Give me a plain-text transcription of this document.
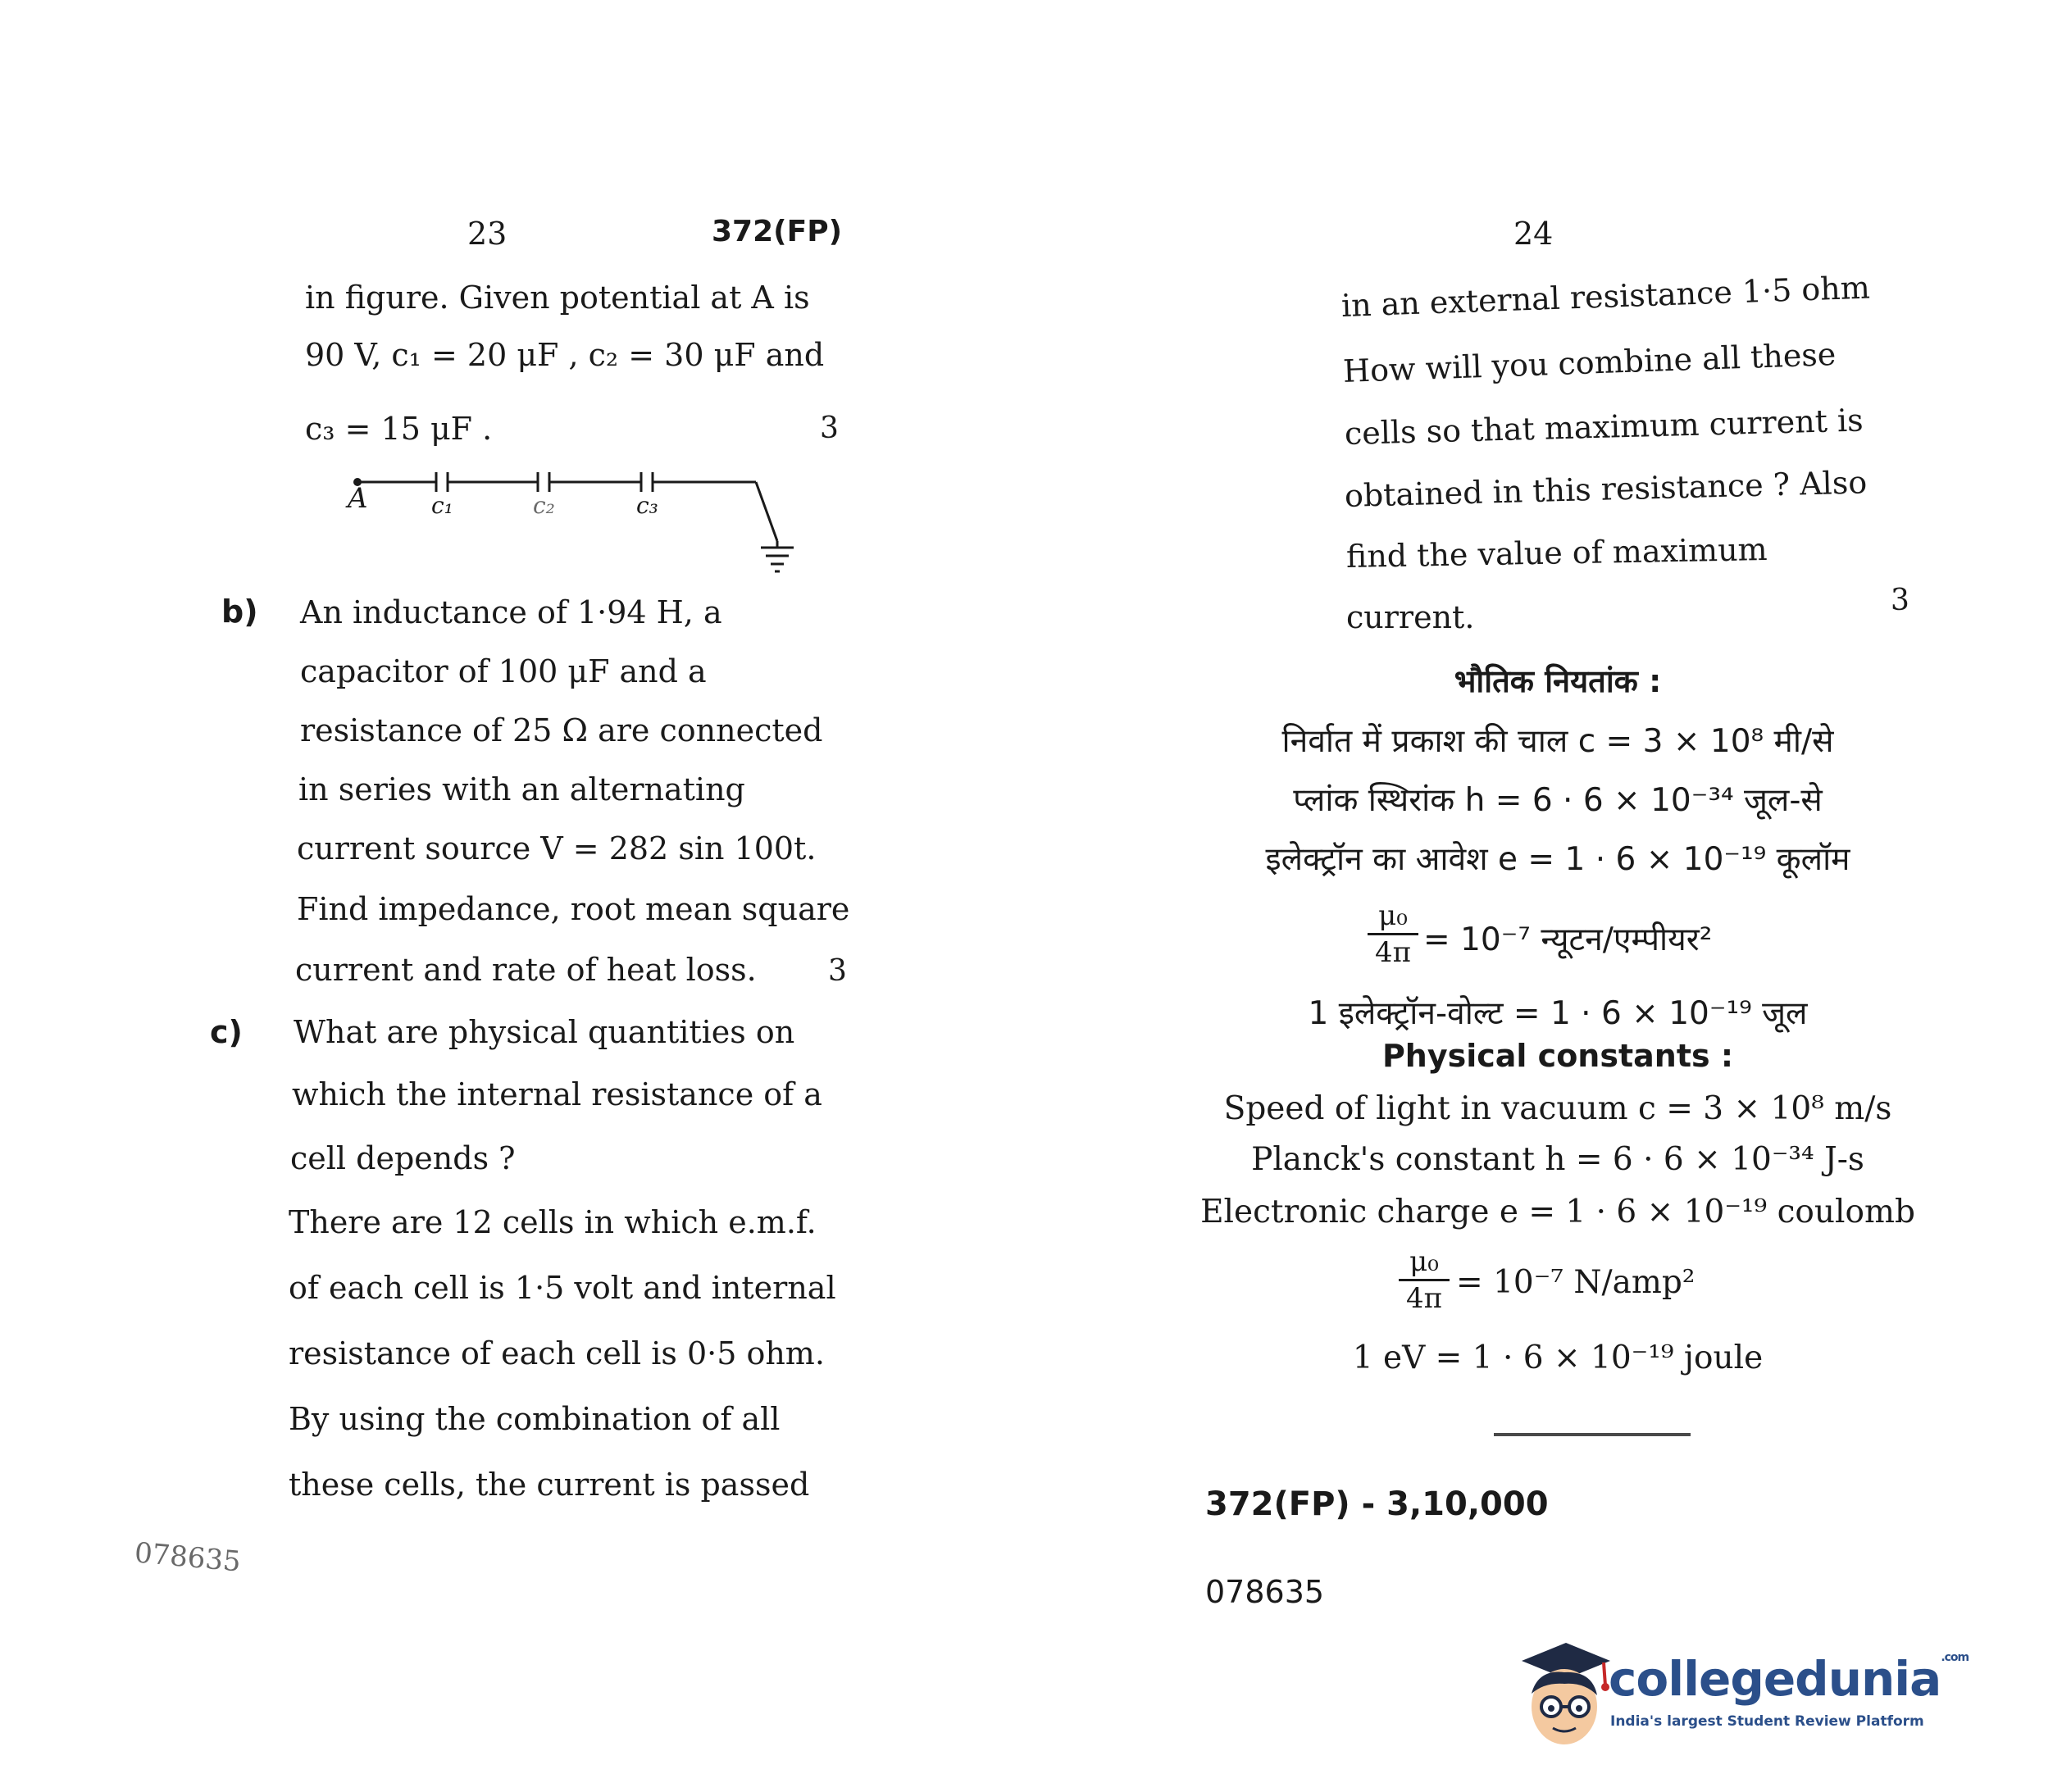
23	372(FP)
in figure. Given potential at A is
90 V, c₁ = 20 μF , c₂ = 30 μF and
c₃ = 15 μF .	3
A	c₁	c₂	c₃
b) An inductance of 1·94 H, a
capacitor of 100 μF and a
resistance of 25 Ω are connected
in series with an alternating
current source V = 282 sin 100t.
Find impedance, root mean square
current and rate of heat loss. 3
c) What are physical quantities on
which the internal resistance of a
cell depends ?
There are 12 cells in which e.m.f.
of each cell is 1·5 volt and internal
resistance of each cell is 0·5 ohm.
By using the combination of all
these cells, the current is passed
078635
24
in an external resistance 1·5 ohm
How will you combine all these
cells so that maximum current is
obtained in this resistance ? Also
find the value of maximum
current.	3
भौतिक नियतांक :
निर्वात में प्रकाश की चाल c = 3 × 10⁸ मी/से
प्लांक स्थिरांक h = 6 · 6 × 10⁻³⁴ जूल-से
इलेक्ट्रॉन का आवेश e = 1 · 6 × 10⁻¹⁹ कूलॉम
$\frac{\text{μ₀}}{4\pi} = 10^{-7}$ न्यूटन/एम्पीयर²
1 इलेक्ट्रॉन-वोल्ट = 1 · 6 × 10⁻¹⁹ जूल
Physical constants :
Speed of light in vacuum c = 3 × 10⁸ m/s
Planck's constant h = 6 · 6 × 10⁻³⁴ J-s
Electronic charge e = 1 · 6 × 10⁻¹⁹ coulomb
$\frac{\text{μ₀}}{4\pi} = 10^{-7}$ N/amp²
1 eV = 1 · 6 × 10⁻¹⁹ joule
372(FP) - 3,10,000
078635
collegedunia$^{.com}$
India's largest Student Review Platform
